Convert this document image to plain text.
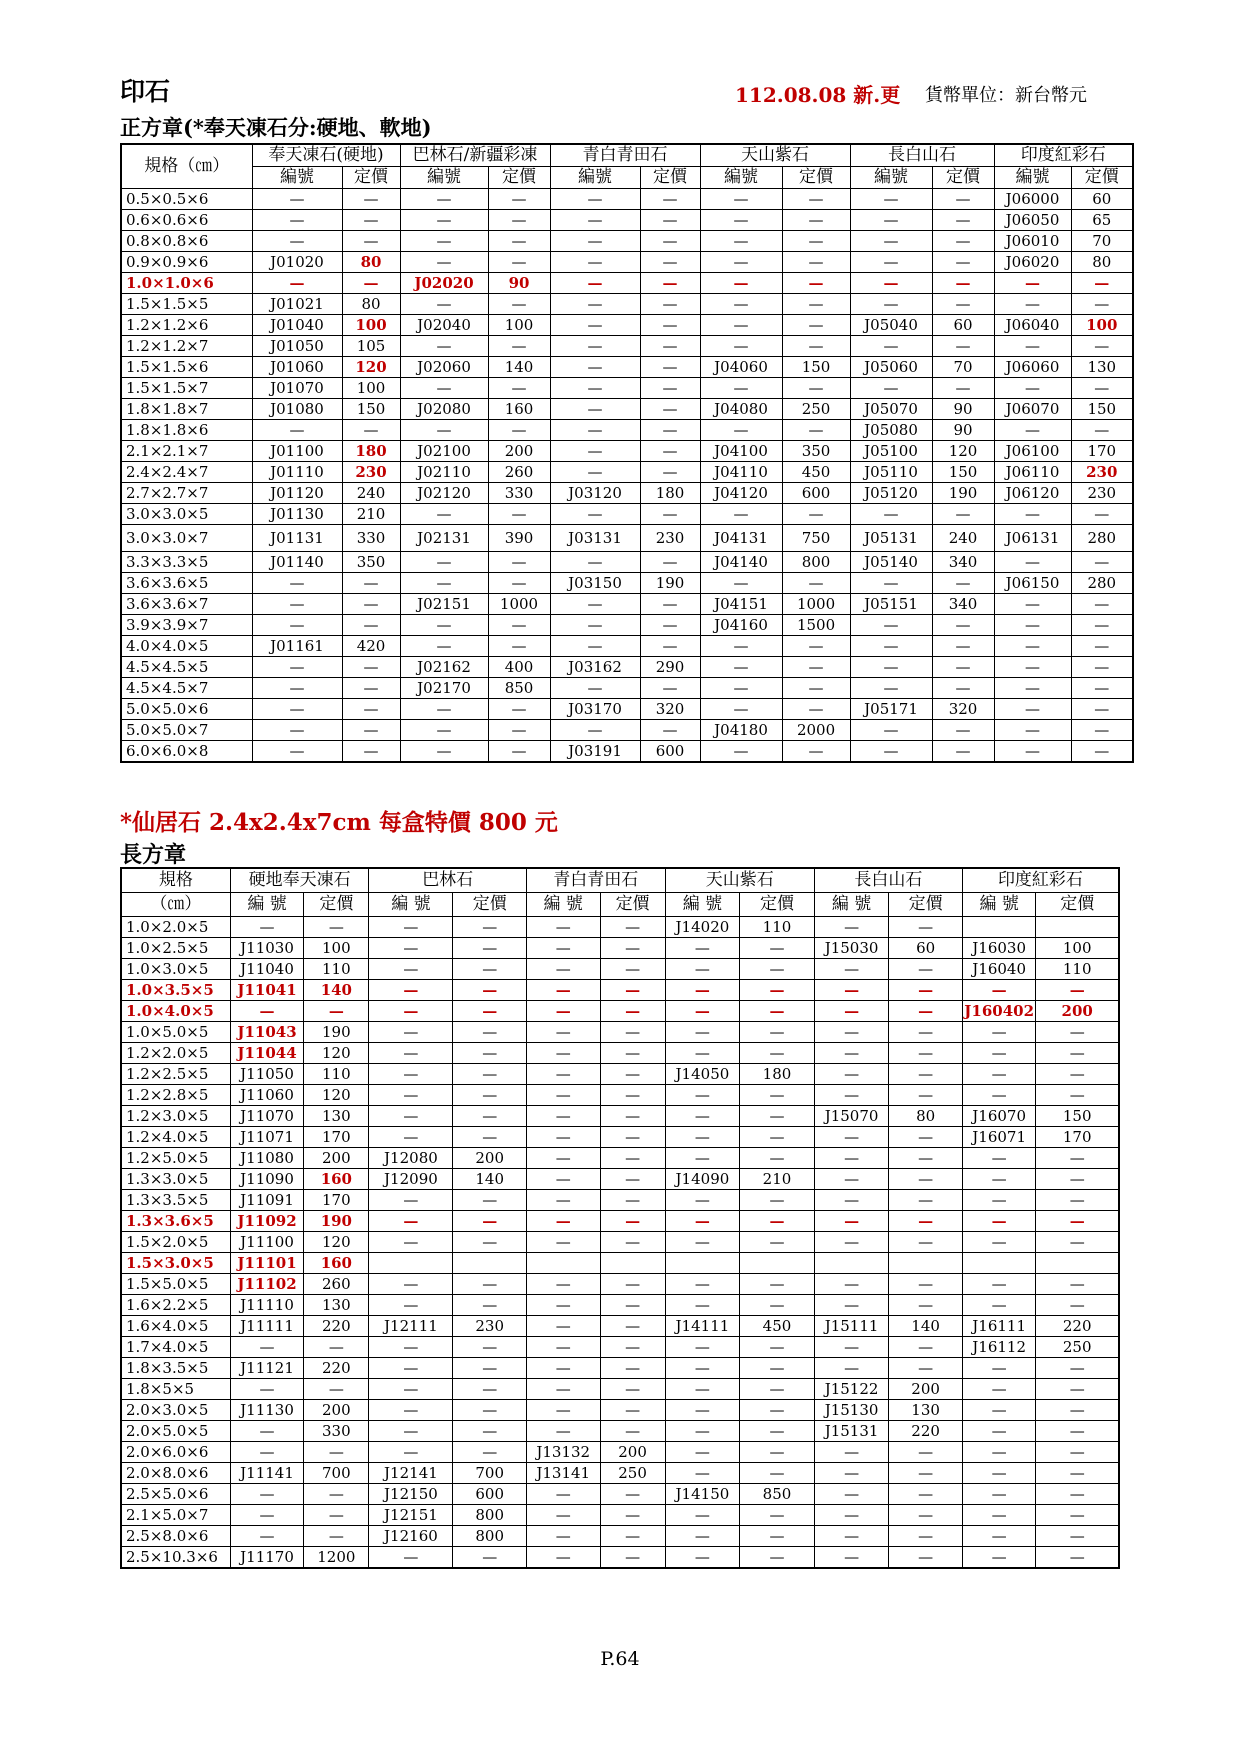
印石	112.08.08 新.更 貨幣單位：新台幣元
正方章(*奉天凍石分:硬地、軟地)
規格（㎝）	奉天凍石(硬地)		巴林石/新疆彩凍		青白青田石		天山紫石		長白山石		印度紅彩石	
	編號	定價	編號	定價	編號	定價	編號	定價	編號	定價	編號	定價
0.5×0.5×6	—	—	—	—	—	—	—	—	—	—	J06000	60
0.6×0.6×6	—	—	—	—	—	—	—	—	—	—	J06050	65
0.8×0.8×6	—	—	—	—	—	—	—	—	—	—	J06010	70
0.9×0.9×6	J01020	80	—	—	—	—	—	—	—	—	J06020	80
1.0×1.0×6	—	—	J02020	90	—	—	—	—	—	—	—	—
1.5×1.5×5	J01021	80	—	—	—	—	—	—	—	—	—	—
1.2×1.2×6	J01040	100	J02040	100	—	—	—	—	J05040	60	J06040	100
1.2×1.2×7	J01050	105	—	—	—	—	—	—	—	—	—	—
1.5×1.5×6	J01060	120	J02060	140	—	—	J04060	150	J05060	70	J06060	130
1.5×1.5×7	J01070	100	—	—	—	—	—	—	—	—	—	—
1.8×1.8×7	J01080	150	J02080	160	—	—	J04080	250	J05070	90	J06070	150
1.8×1.8×6	—	—	—	—	—	—	—	—	J05080	90	—	—
2.1×2.1×7	J01100	180	J02100	200	—	—	J04100	350	J05100	120	J06100	170
2.4×2.4×7	J01110	230	J02110	260	—	—	J04110	450	J05110	150	J06110	230
2.7×2.7×7	J01120	240	J02120	330	J03120	180	J04120	600	J05120	190	J06120	230
3.0×3.0×5	J01130	210	—	—	—	—	—	—	—	—	—	—
3.0×3.0×7	J01131	330	J02131	390	J03131	230	J04131	750	J05131	240	J06131	280
3.3×3.3×5	J01140	350	—	—	—	—	J04140	800	J05140	340	—	—
3.6×3.6×5	—	—	—	—	J03150	190	—	—	—	—	J06150	280
3.6×3.6×7	—	—	J02151	1000	—	—	J04151	1000	J05151	340	—	—
3.9×3.9×7	—	—	—	—	—	—	J04160	1500	—	—	—	—
4.0×4.0×5	J01161	420	—	—	—	—	—	—	—	—	—	—
4.5×4.5×5	—	—	J02162	400	J03162	290	—	—	—	—	—	—
4.5×4.5×7	—	—	J02170	850	—	—	—	—	—	—	—	—
5.0×5.0×6	—	—	—	—	J03170	320	—	—	J05171	320	—	—
5.0×5.0×7	—	—	—	—	—	—	J04180	2000	—	—	—	—
6.0×6.0×8	—	—	—	—	J03191	600	—	—	—	—	—	—
*仙居石 2.4x2.4x7cm 每盒特價 800 元
長方章
規格	硬地奉天凍石		巴林石		青白青田石		天山紫石		長白山石		印度紅彩石	
（㎝）	編 號	定價	編 號	定價	編 號	定價	編 號	定價	編 號	定價	編 號	定價
1.0×2.0×5	—	—	—	—	—	—	J14020	110	—	—		
1.0×2.5×5	J11030	100	—	—	—	—	—	—	J15030	60	J16030	100
1.0×3.0×5	J11040	110	—	—	—	—	—	—	—	—	J16040	110
1.0×3.5×5	J11041	140	—	—	—	—	—	—	—	—	—	—
1.0×4.0×5	—	—	—	—	—	—	—	—	—	—	J160402	200
1.0×5.0×5	J11043	190	—	—	—	—	—	—	—	—	—	—
1.2×2.0×5	J11044	120	—	—	—	—	—	—	—	—	—	—
1.2×2.5×5	J11050	110	—	—	—	—	J14050	180	—	—	—	—
1.2×2.8×5	J11060	120	—	—	—	—	—	—	—	—	—	—
1.2×3.0×5	J11070	130	—	—	—	—	—	—	J15070	80	J16070	150
1.2×4.0×5	J11071	170	—	—	—	—	—	—	—	—	J16071	170
1.2×5.0×5	J11080	200	J12080	200	—	—	—	—	—	—	—	—
1.3×3.0×5	J11090	160	J12090	140	—	—	J14090	210	—	—	—	—
1.3×3.5×5	J11091	170	—	—	—	—	—	—	—	—	—	—
1.3×3.6×5	J11092	190	—	—	—	—	—	—	—	—	—	—
1.5×2.0×5	J11100	120	—	—	—	—	—	—	—	—	—	—
1.5×3.0×5	J11101	160										
1.5×5.0×5	J11102	260	—	—	—	—	—	—	—	—	—	—
1.6×2.2×5	J11110	130	—	—	—	—	—	—	—	—	—	—
1.6×4.0×5	J11111	220	J12111	230	—	—	J14111	450	J15111	140	J16111	220
1.7×4.0×5	—	—	—	—	—	—	—	—	—	—	J16112	250
1.8×3.5×5	J11121	220	—	—	—	—	—	—	—	—	—	—
1.8×5×5	—	—	—	—	—	—	—	—	J15122	200	—	—
2.0×3.0×5	J11130	200	—	—	—	—	—	—	J15130	130	—	—
2.0×5.0×5	—	330	—	—	—	—	—	—	J15131	220	—	—
2.0×6.0×6	—	—	—	—	J13132	200	—	—	—	—	—	—
2.0×8.0×6	J11141	700	J12141	700	J13141	250	—	—	—	—	—	—
2.5×5.0×6	—	—	J12150	600	—	—	J14150	850	—	—	—	—
2.1×5.0×7	—	—	J12151	800	—	—	—	—	—	—	—	—
2.5×8.0×6	—	—	J12160	800	—	—	—	—	—	—	—	—
2.5×10.3×6	J11170	1200	—	—	—	—	—	—	—	—	—	—
P.64
